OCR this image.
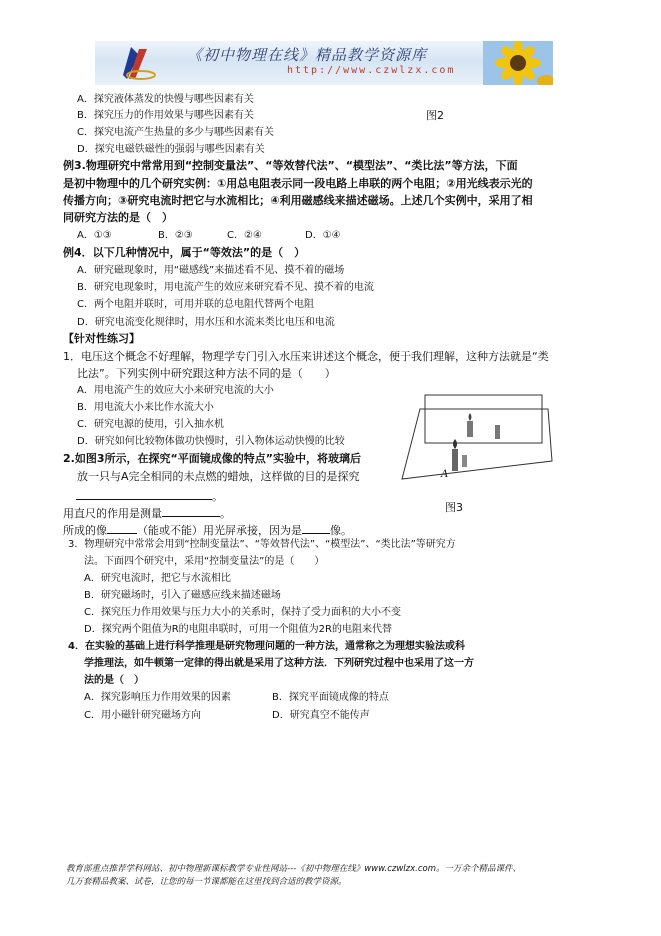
《初中物理在线》精品教学资源库
http://www.czwlzx.com
A．探究液体蒸发的快慢与哪些因素有关
B．探究压力的作用效果与哪些因素有关	图2
C．探究电流产生热量的多少与哪些因素有关
D．探究电磁铁磁性的强弱与哪些因素有关
例3.物理研究中常常用到“控制变量法”、“等效替代法”、“模型法”、“类比法”等方法，下面
是初中物理中的几个研究实例：①用总电阻表示同一段电路上串联的两个电阻；②用光线表示光的
传播方向；③研究电流时把它与水流相比；④利用磁感线来描述磁场。上述几个实例中，采用了相
同研究方法的是（　）
A．①③	B．②③	C．②④	D．①④
例4．以下几种情况中，属于“等效法”的是（　）
A．研究磁现象时，用“磁感线”来描述看不见、摸不着的磁场
B．研究电现象时，用电流产生的效应来研究看不见、摸不着的电流
C．两个电阻并联时，可用并联的总电阻代替两个电阻
D．研究电流变化规律时，用水压和水流来类比电压和电流
【针对性练习】
1．电压这个概念不好理解，物理学专门引入水压来讲述这个概念，便于我们理解，这种方法就是“类
比法”。下列实例中研究跟这种方法不同的是（　　）
A．用电流产生的效应大小来研究电流的大小
B．用电流大小来比作水流大小
C．研究电源的使用，引入抽水机
D．研究如何比较物体做功快慢时，引入物体运动快慢的比较
A
2.如图3所示，在探究“平面镜成像的特点”实验中，将玻璃后
放一只与A完全相同的未点燃的蜡烛，这样做的目的是探究
。
用直尺的作用是测量	。	图3
所成的像	（能或不能）用光屏承接，因为是	像。
3．物理研究中常常会用到“控制变量法”、“等效替代法”、“模型法”、“类比法”等研究方
法。下面四个研究中，采用“控制变量法”的是（　　）
A．研究电流时，把它与水流相比
B．研究磁场时，引入了磁感应线来描述磁场
C．探究压力作用效果与压力大小的关系时，保持了受力面积的大小不变
D．探究两个阻值为R的电阻串联时，可用一个阻值为2R的电阻来代替
4．在实验的基础上进行科学推理是研究物理问题的一种方法，通常称之为理想实验法或科
学推理法，如牛顿第一定律的得出就是采用了这种方法．下列研究过程中也采用了这一方
法的是（　）
A．探究影响压力作用效果的因素	B．探究平面镜成像的特点
C．用小磁针研究磁场方向	D．研究真空不能传声
教育部重点推荐学科网站、初中物理新课标教学专业性网站---《初中物理在线》www.czwlzx.com。一万余个精品课件、
几万套精品教案、试卷，让您的每一节课都能在这里找到合适的教学资源。
